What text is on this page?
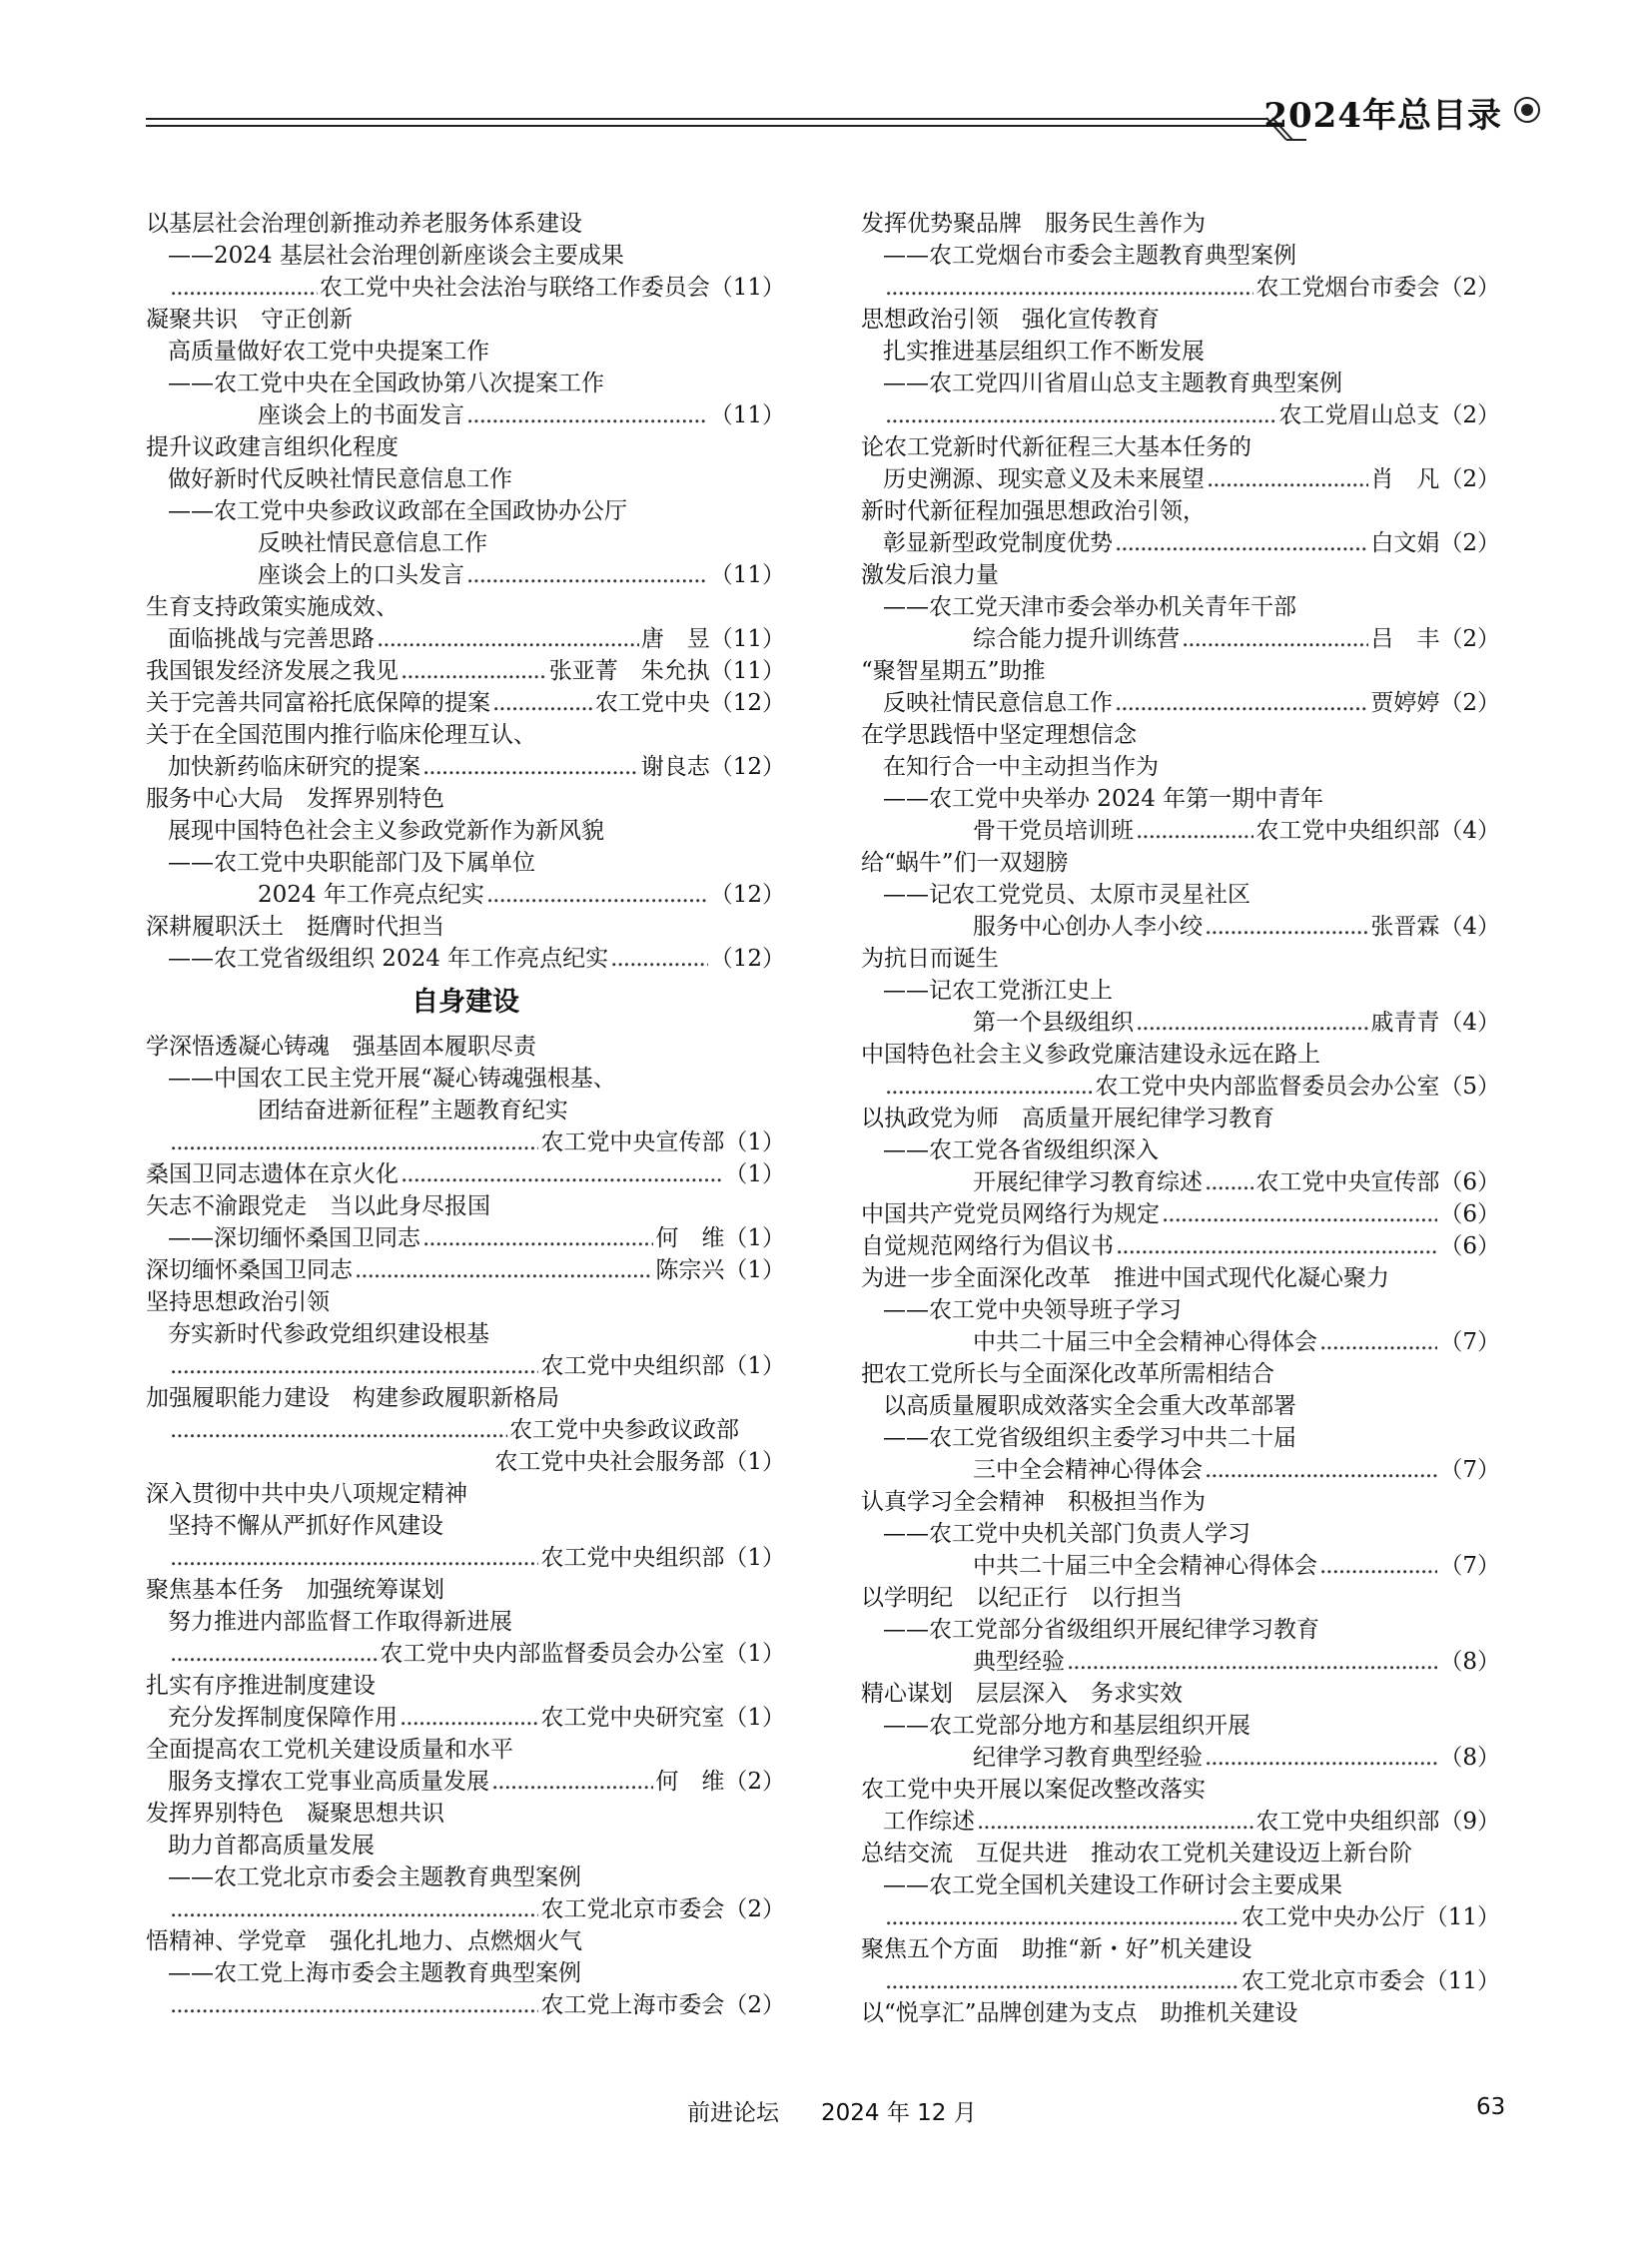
2024年总目录
以基层社会治理创新推动养老服务体系建设
——2024 基层社会治理创新座谈会主要成果
.....
农工党中央社会法治与联络工作委员会 （11）
凝聚共识　守正创新
高质量做好农工党中央提案工作
——农工党中央在全国政协第八次提案工作
座谈会上的书面发言 .....	（11）
提升议政建言组织化程度
做好新时代反映社情民意信息工作
——农工党中央参政议政部在全国政协办公厅
反映社情民意信息工作
座谈会上的口头发言 .....	（11）
生育支持政策实施成效、
面临挑战与完善思路 .....	唐　昱 （11）
我国银发经济发展之我见 .....	张亚菁　朱允执 （11）
关于完善共同富裕托底保障的提案 .....	农工党中央 （12）
关于在全国范围内推行临床伦理互认、
加快新药临床研究的提案 .....	谢良志 （12）
服务中心大局　发挥界别特色
展现中国特色社会主义参政党新作为新风貌
——农工党中央职能部门及下属单位
2024 年工作亮点纪实 .....	（12）
深耕履职沃土　挺膺时代担当
——农工党省级组织 2024 年工作亮点纪实 .....	（12）
自身建设
学深悟透凝心铸魂　强基固本履职尽责
——中国农工民主党开展“凝心铸魂强根基、
团结奋进新征程”主题教育纪实
.....
农工党中央宣传部 （1）
桑国卫同志遗体在京火化 .....	（1）
矢志不渝跟党走　当以此身尽报国
——深切缅怀桑国卫同志 .....	何　维 （1）
深切缅怀桑国卫同志 .....	陈宗兴 （1）
坚持思想政治引领
夯实新时代参政党组织建设根基
.....
农工党中央组织部 （1）
加强履职能力建设　构建参政履职新格局
.....
农工党中央参政议政部

农工党中央社会服务部 （1）
深入贯彻中共中央八项规定精神
坚持不懈从严抓好作风建设
.....
农工党中央组织部 （1）
聚焦基本任务　加强统筹谋划
努力推进内部监督工作取得新进展
.....
农工党中央内部监督委员会办公室 （1）
扎实有序推进制度建设
充分发挥制度保障作用 .....	农工党中央研究室 （1）
全面提高农工党机关建设质量和水平
服务支撑农工党事业高质量发展 .....	何　维 （2）
发挥界别特色　凝聚思想共识
助力首都高质量发展
——农工党北京市委会主题教育典型案例
.....
农工党北京市委会 （2）
悟精神、学党章　强化扎地力、点燃烟火气
——农工党上海市委会主题教育典型案例
.....
农工党上海市委会 （2）
发挥优势聚品牌　服务民生善作为
——农工党烟台市委会主题教育典型案例
.....
农工党烟台市委会 （2）
思想政治引领　强化宣传教育
扎实推进基层组织工作不断发展
——农工党四川省眉山总支主题教育典型案例
.....
农工党眉山总支 （2）
论农工党新时代新征程三大基本任务的
历史溯源、现实意义及未来展望 .....	肖　凡 （2）
新时代新征程加强思想政治引领，
彰显新型政党制度优势 .....	白文娟 （2）
激发后浪力量
——农工党天津市委会举办机关青年干部
综合能力提升训练营 .....	吕　丰 （2）
“聚智星期五”助推
反映社情民意信息工作 .....	贾婷婷 （2）
在学思践悟中坚定理想信念
在知行合一中主动担当作为
——农工党中央举办 2024 年第一期中青年
骨干党员培训班 .....	农工党中央组织部 （4）
给“蜗牛”们一双翅膀
——记农工党党员、太原市灵星社区
服务中心创办人李小绞 .....	张晋霖 （4）
为抗日而诞生
——记农工党浙江史上
第一个县级组织 .....	戚青青 （4）
中国特色社会主义参政党廉洁建设永远在路上
.....
农工党中央内部监督委员会办公室 （5）
以执政党为师　高质量开展纪律学习教育
——农工党各省级组织深入
开展纪律学习教育综述 ..... 农工党中央宣传部 （6）
中国共产党党员网络行为规定 .....	（6）
自觉规范网络行为倡议书 .....	（6）
为进一步全面深化改革　推进中国式现代化凝心聚力
——农工党中央领导班子学习
中共二十届三中全会精神心得体会 .....	（7）
把农工党所长与全面深化改革所需相结合
以高质量履职成效落实全会重大改革部署
——农工党省级组织主委学习中共二十届
三中全会精神心得体会 .....	（7）
认真学习全会精神　积极担当作为
——农工党中央机关部门负责人学习
中共二十届三中全会精神心得体会 .....	（7）
以学明纪　以纪正行　以行担当
——农工党部分省级组织开展纪律学习教育
典型经验 .....	（8）
精心谋划　层层深入　务求实效
——农工党部分地方和基层组织开展
纪律学习教育典型经验 .....	（8）
农工党中央开展以案促改整改落实
工作综述 .....	农工党中央组织部 （9）
总结交流　互促共进　推动农工党机关建设迈上新台阶
——农工党全国机关建设工作研讨会主要成果
.....
农工党中央办公厅 （11）
聚焦五个方面　助推“新・好”机关建设
.....
农工党北京市委会 （11）
以“悦享汇”品牌创建为支点　助推机关建设
前进论坛 2024 年 12 月	63
